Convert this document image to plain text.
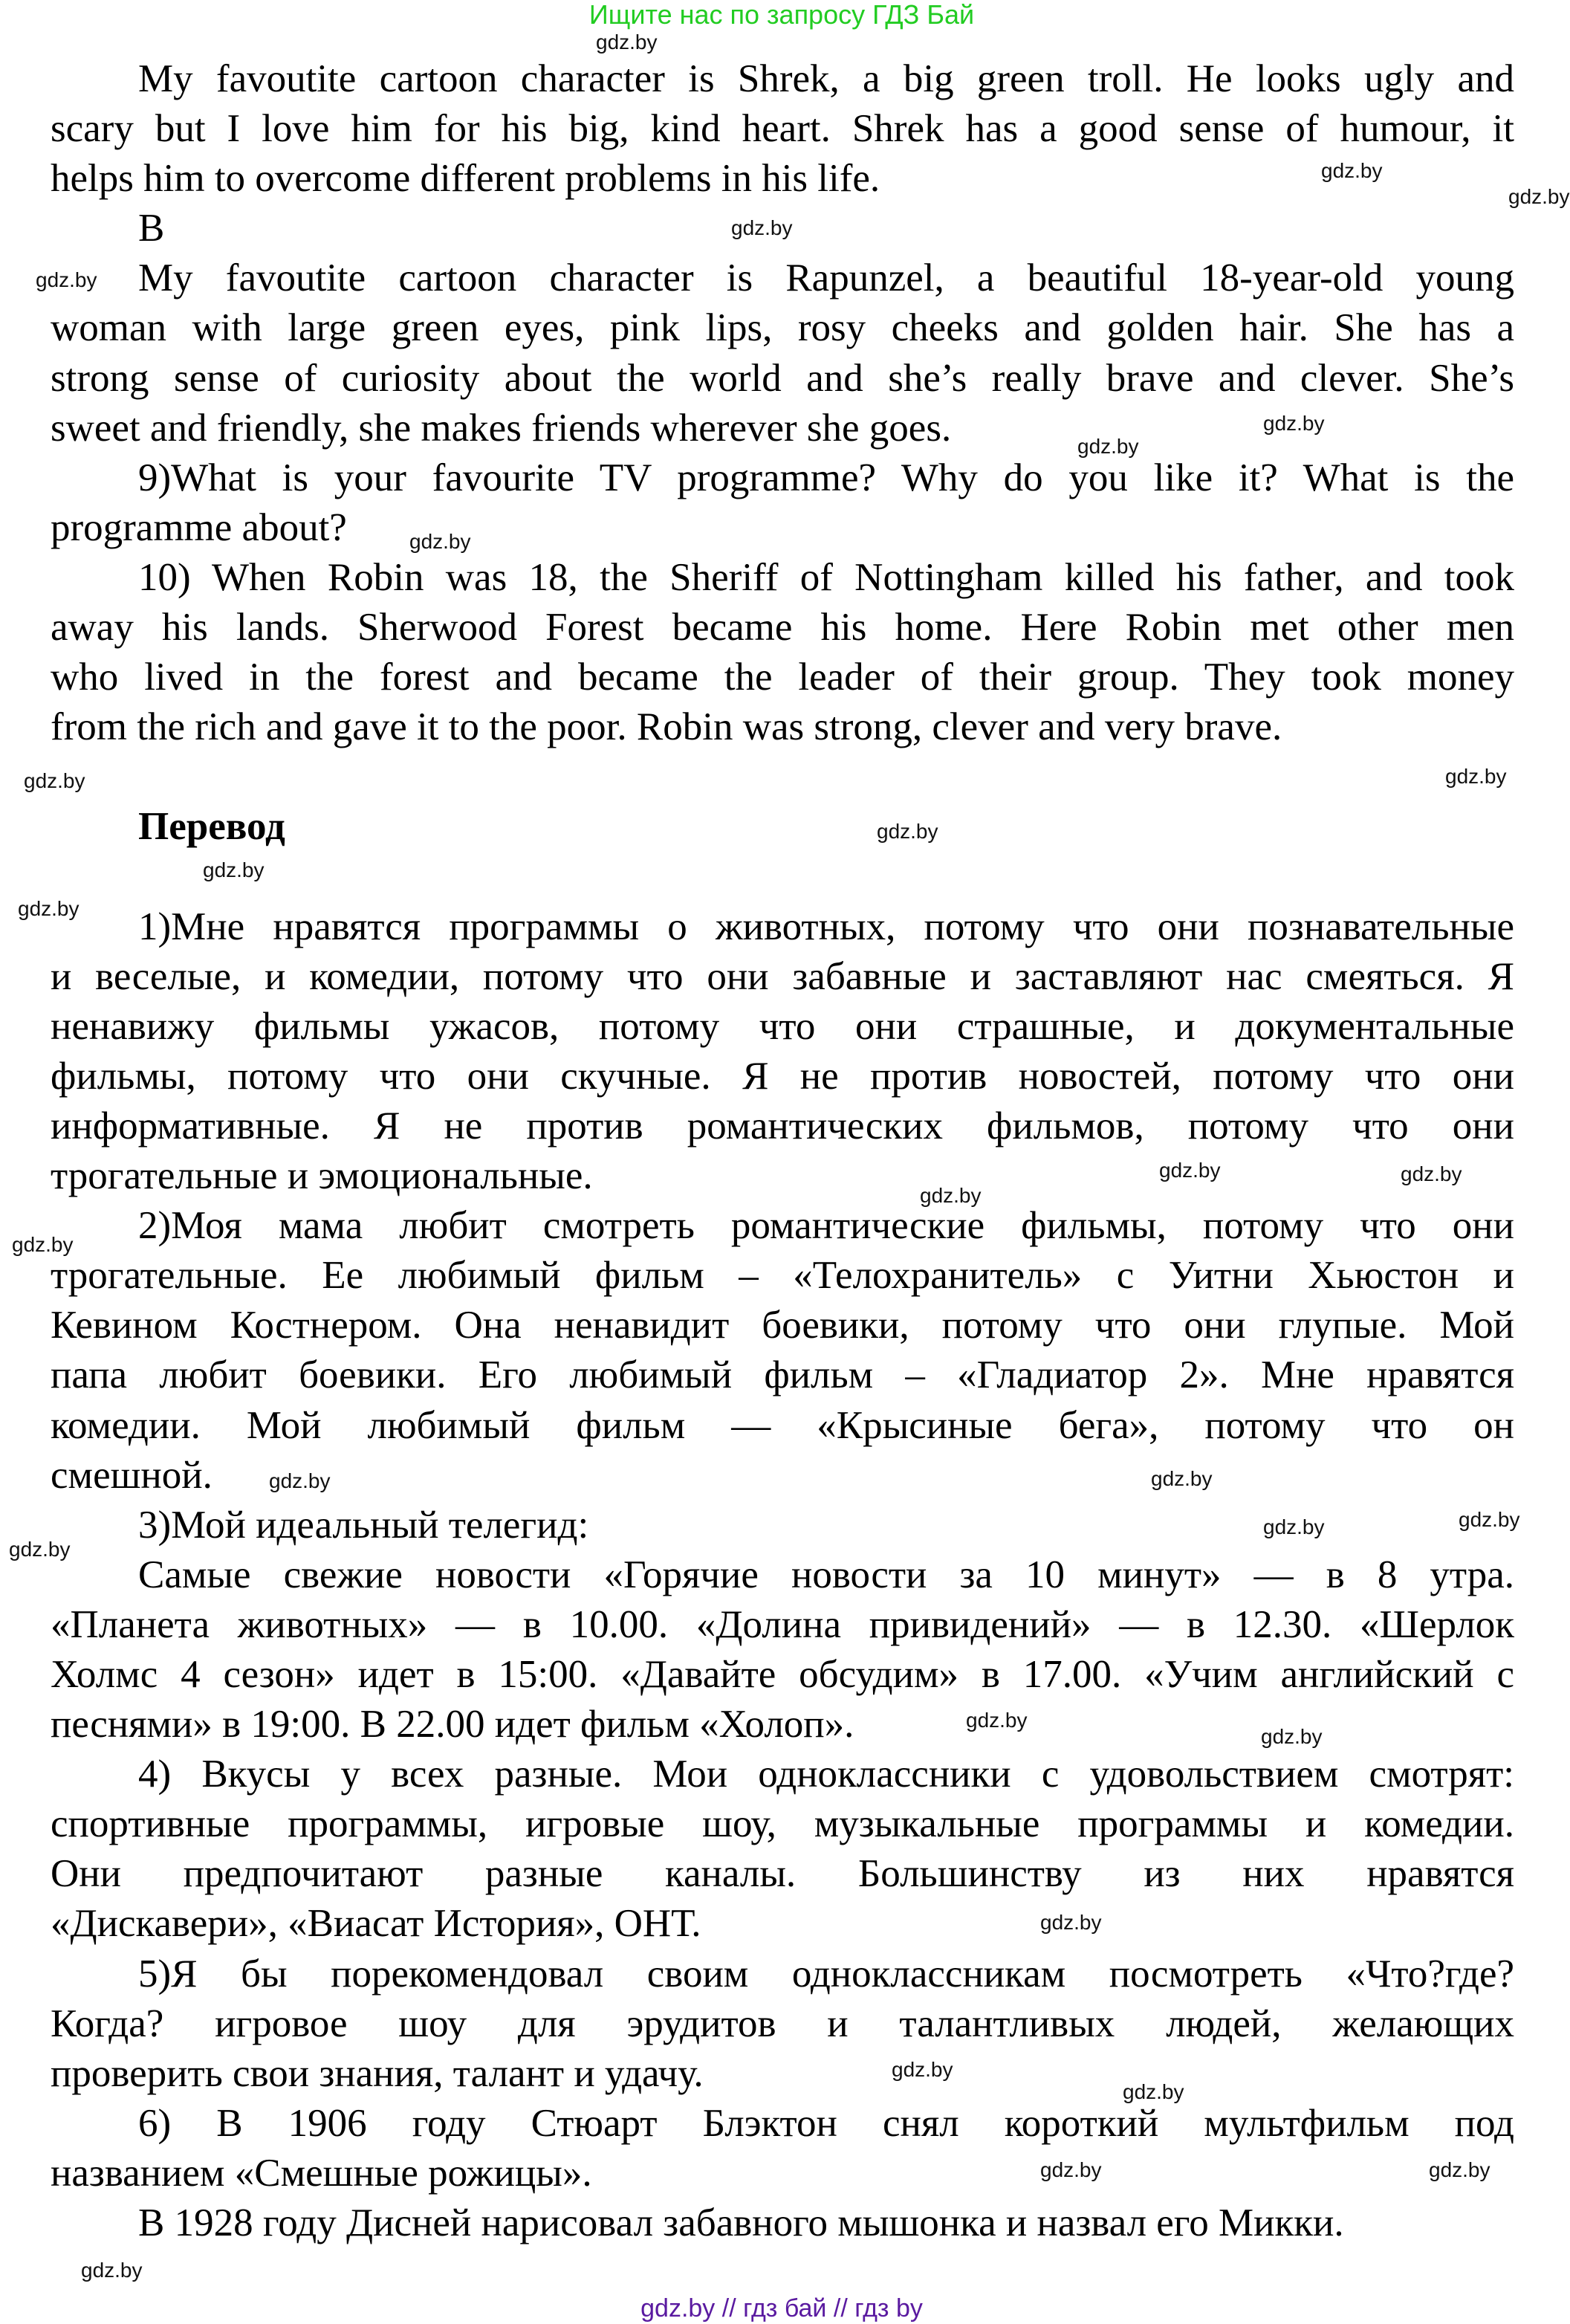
Ищите нас по запросу ГДЗ Бай
My favoutite cartoon character is Shrek, a big green troll. He looks ugly and
scary but I love him for his big, kind heart. Shrek has a good sense of humour, it
helps him to overcome different problems in his life.
B
My favoutite cartoon character is Rapunzel, a beautiful 18-year-old young
woman with large green eyes, pink lips, rosy cheeks and golden hair. She has a
strong sense of curiosity about the world and she’s really brave and clever. She’s
sweet and friendly, she makes friends wherever she goes.
9)What is your favourite TV programme? Why do you like it? What is the
programme about?
10) When Robin was 18, the Sheriff of Nottingham killed his father, and took
away his lands. Sherwood Forest became his home. Here Robin met other men
who lived in the forest and became the leader of their group. They took money
from the rich and gave it to the poor. Robin was strong, clever and very brave.
Перевод
1)Мне нравятся программы о животных, потому что они познавательные
и веселые, и комедии, потому что они забавные и заставляют нас смеяться. Я
ненавижу фильмы ужасов, потому что они страшные, и документальные
фильмы, потому что они скучные. Я не против новостей, потому что они
информативные. Я не против романтических фильмов, потому что они
трогательные и эмоциональные.
2)Моя мама любит смотреть романтические фильмы, потому что они
трогательные. Ее любимый фильм – «Телохранитель» с Уитни Хьюстон и
Кевином Костнером. Она ненавидит боевики, потому что они глупые. Мой
папа любит боевики. Его любимый фильм – «Гладиатор 2». Мне нравятся
комедии. Мой любимый фильм — «Крысиные бега», потому что он
смешной.
3)Мой идеальный телегид:
Самые свежие новости «Горячие новости за 10 минут» — в 8 утра.
«Планета животных» — в 10.00. «Долина привидений» — в 12.30. «Шерлок
Холмс 4 сезон» идет в 15:00. «Давайте обсудим» в 17.00. «Учим английский с
песнями» в 19:00. В 22.00 идет фильм «Холоп».
4) Вкусы у всех разные. Мои одноклассники с удовольствием смотрят:
спортивные программы, игровые шоу, музыкальные программы и комедии.
Они предпочитают разные каналы. Большинству из них нравятся
«Дискавери», «Виасат История», ОНТ.
5)Я бы порекомендовал своим одноклассникам посмотреть «Что?где?
Когда? игровое шоу для эрудитов и талантливых людей, желающих
проверить свои знания, талант и удачу.
6) В 1906 году Стюарт Блэктон снял короткий мультфильм под
названием «Смешные рожицы».
В 1928 году Дисней нарисовал забавного мышонка и назвал его Микки.
gdz.by
gdz.by
gdz.by
gdz.by
gdz.by
gdz.by
gdz.by
gdz.by
gdz.by
gdz.by
gdz.by
gdz.by
gdz.by
gdz.by
gdz.by
gdz.by
gdz.by
gdz.by
gdz.by
gdz.by
gdz.by
gdz.by
gdz.by
gdz.by
gdz.by
gdz.by
gdz.by
gdz.by
gdz.by
gdz.by
gdz.by // гдз бай // гдз by
